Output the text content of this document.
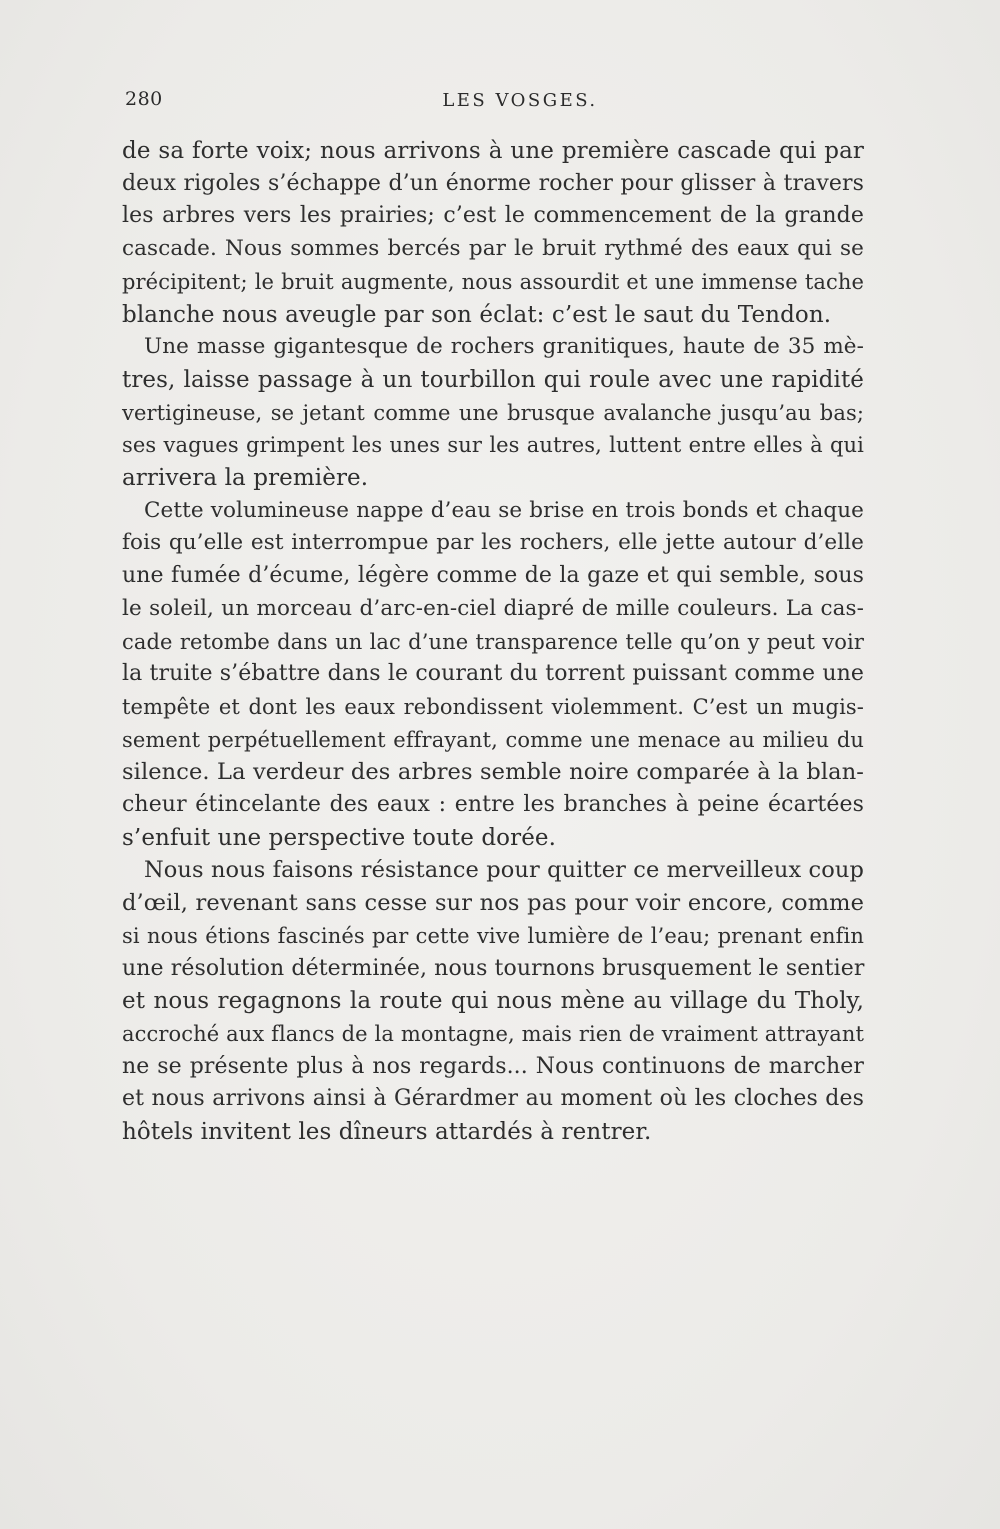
280	LES VOSGES.
de sa forte voix; nous arrivons à une première cascade qui par
deux rigoles s’échappe d’un énorme rocher pour glisser à travers
les arbres vers les prairies; c’est le commencement de la grande
cascade. Nous sommes bercés par le bruit rythmé des eaux qui se
précipitent; le bruit augmente, nous assourdit et une immense tache
blanche nous aveugle par son éclat: c’est le saut du Tendon.
Une masse gigantesque de rochers granitiques, haute de 35 mè-
tres, laisse passage à un tourbillon qui roule avec une rapidité
vertigineuse, se jetant comme une brusque avalanche jusqu’au bas;
ses vagues grimpent les unes sur les autres, luttent entre elles à qui
arrivera la première.
Cette volumineuse nappe d’eau se brise en trois bonds et chaque
fois qu’elle est interrompue par les rochers, elle jette autour d’elle
une fumée d’écume, légère comme de la gaze et qui semble, sous
le soleil, un morceau d’arc-en-ciel diapré de mille couleurs. La cas-
cade retombe dans un lac d’une transparence telle qu’on y peut voir
la truite s’ébattre dans le courant du torrent puissant comme une
tempête et dont les eaux rebondissent violemment. C’est un mugis-
sement perpétuellement effrayant, comme une menace au milieu du
silence. La verdeur des arbres semble noire comparée à la blan-
cheur étincelante des eaux : entre les branches à peine écartées
s’enfuit une perspective toute dorée.
Nous nous faisons résistance pour quitter ce merveilleux coup
d’œil, revenant sans cesse sur nos pas pour voir encore, comme
si nous étions fascinés par cette vive lumière de l’eau; prenant enfin
une résolution déterminée, nous tournons brusquement le sentier
et nous regagnons la route qui nous mène au village du Tholy,
accroché aux flancs de la montagne, mais rien de vraiment attrayant
ne se présente plus à nos regards... Nous continuons de marcher
et nous arrivons ainsi à Gérardmer au moment où les cloches des
hôtels invitent les dîneurs attardés à rentrer.
